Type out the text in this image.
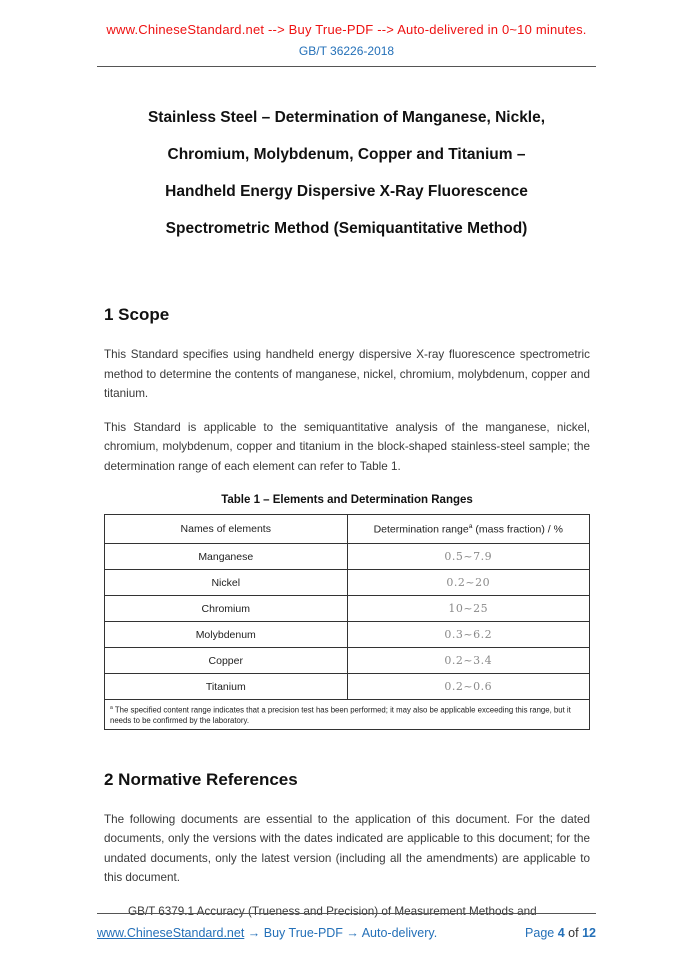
www.ChineseStandard.net --> Buy True-PDF --> Auto-delivered in 0~10 minutes.
GB/T 36226-2018
Stainless Steel – Determination of Manganese, Nickle,
Chromium, Molybdenum, Copper and Titanium –
Handheld Energy Dispersive X-Ray Fluorescence
Spectrometric Method (Semiquantitative Method)
1 Scope

This Standard specifies using handheld energy dispersive X-ray fluorescence spectrometric method to determine the contents of manganese, nickel, chromium, molybdenum, copper and titanium.

This Standard is applicable to the semiquantitative analysis of the manganese, nickel, chromium, molybdenum, copper and titanium in the block-shaped stainless-steel sample; the determination range of each element can refer to Table 1.

Table 1 – Elements and Determination Ranges
Names of elements	Determination range$^a$ (mass fraction) / %
Manganese	0.5~7.9
Nickel	0.2~20
Chromium	10~25
Molybdenum	0.3~6.2
Copper	0.2~3.4
Titanium	0.2~0.6
$^a$ The specified content range indicates that a precision test has been performed; it may also be applicable exceeding this range, but it needs to be confirmed by the laboratory.	
2 Normative References

The following documents are essential to the application of this document. For the dated documents, only the versions with the dates indicated are applicable to this document; for the undated documents, only the latest version (including all the amendments) are applicable to this document.

GB/T 6379.1 Accuracy (Trueness and Precision) of Measurement Methods and

www.ChineseStandard.net → Buy True-PDF → Auto-delivery.	Page 4 of 12
